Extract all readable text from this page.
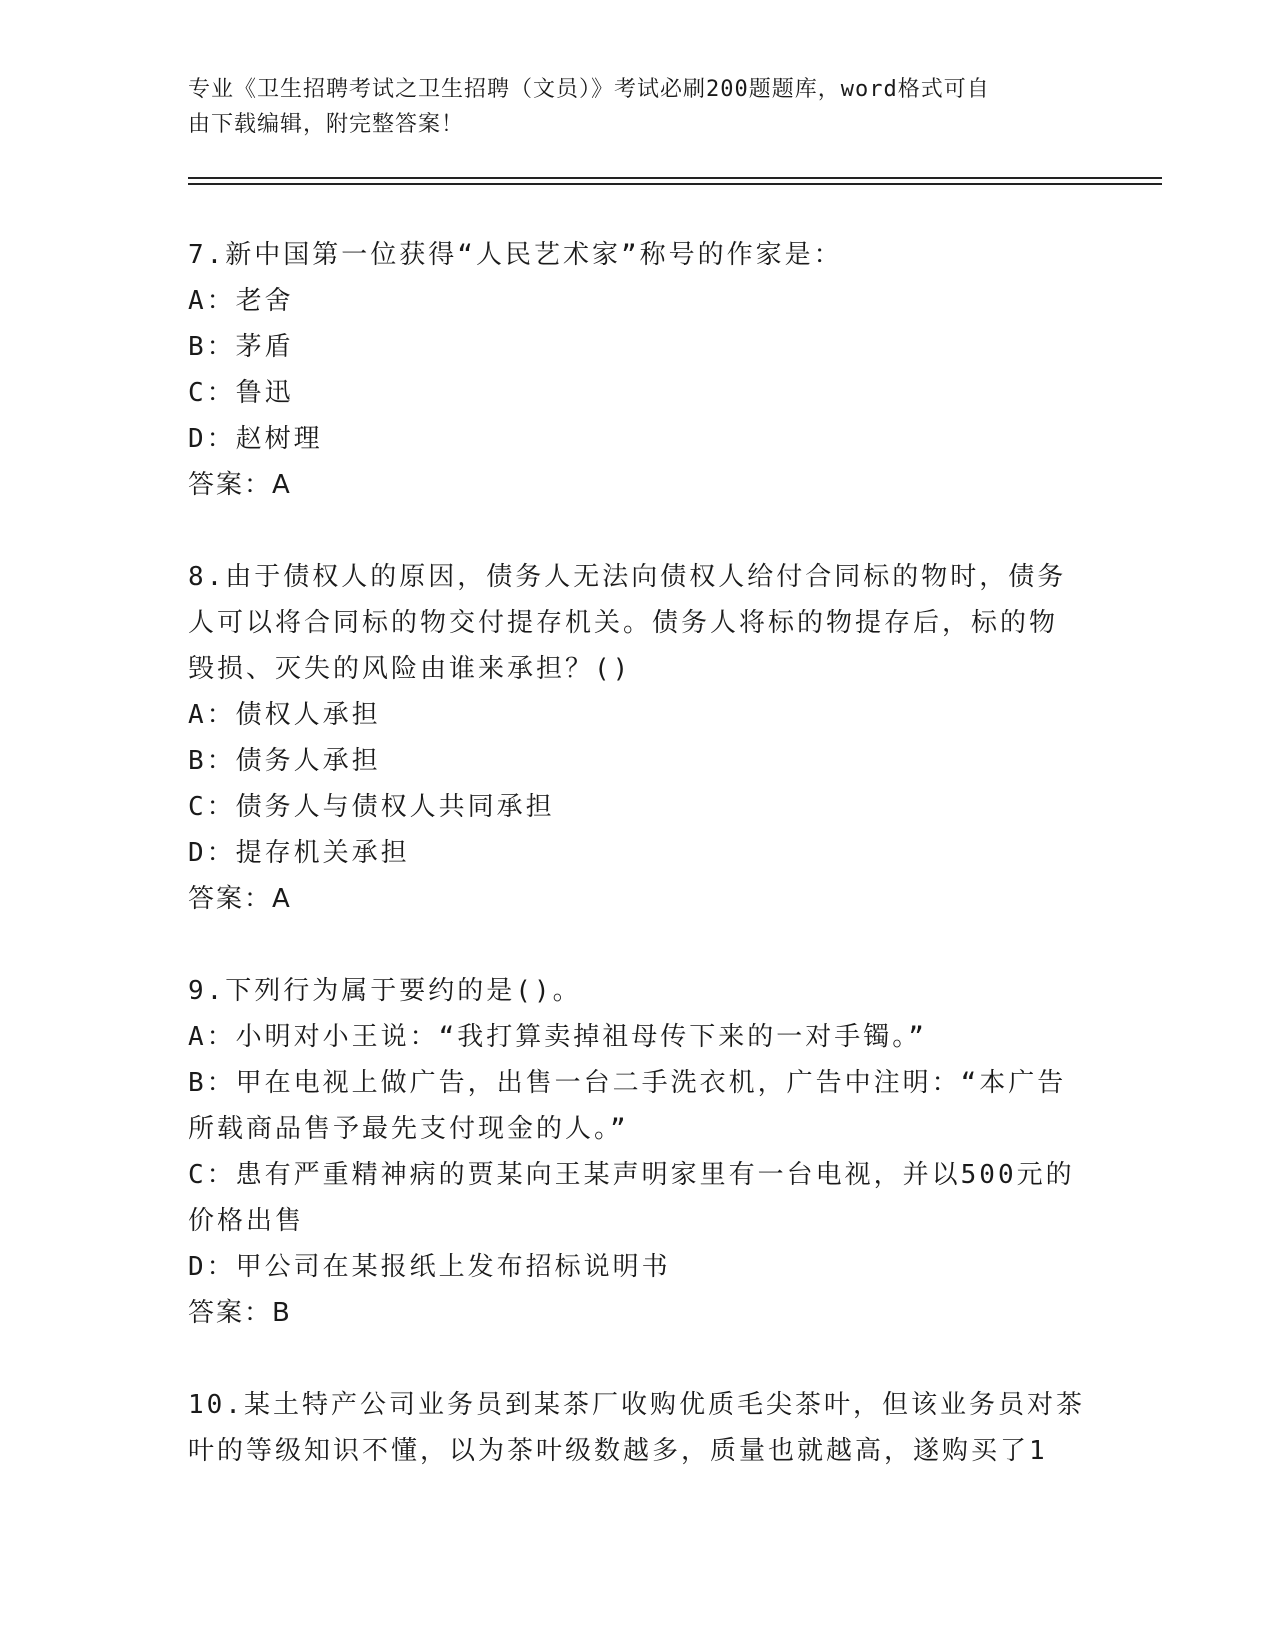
专业《卫生招聘考试之卫生招聘（文员）》考试必刷200题题库，word格式可自
由下载编辑，附完整答案！

7.新中国第一位获得“人民艺术家”称号的作家是：

A：老舍

B：茅盾

C：鲁迅

D：赵树理

答案：A

8.由于债权人的原因，债务人无法向债权人给付合同标的物时，债务

人可以将合同标的物交付提存机关。债务人将标的物提存后，标的物

毁损、灭失的风险由谁来承担？()

A：债权人承担

B：债务人承担

C：债务人与债权人共同承担

D：提存机关承担

答案：A

9.下列行为属于要约的是()。

A：小明对小王说：“我打算卖掉祖母传下来的一对手镯。”

B：甲在电视上做广告，出售一台二手洗衣机，广告中注明：“本广告

所载商品售予最先支付现金的人。”

C：患有严重精神病的贾某向王某声明家里有一台电视，并以500元的

价格出售

D：甲公司在某报纸上发布招标说明书

答案：B

10.某土特产公司业务员到某茶厂收购优质毛尖茶叶，但该业务员对茶

叶的等级知识不懂，以为茶叶级数越多，质量也就越高，遂购买了1
